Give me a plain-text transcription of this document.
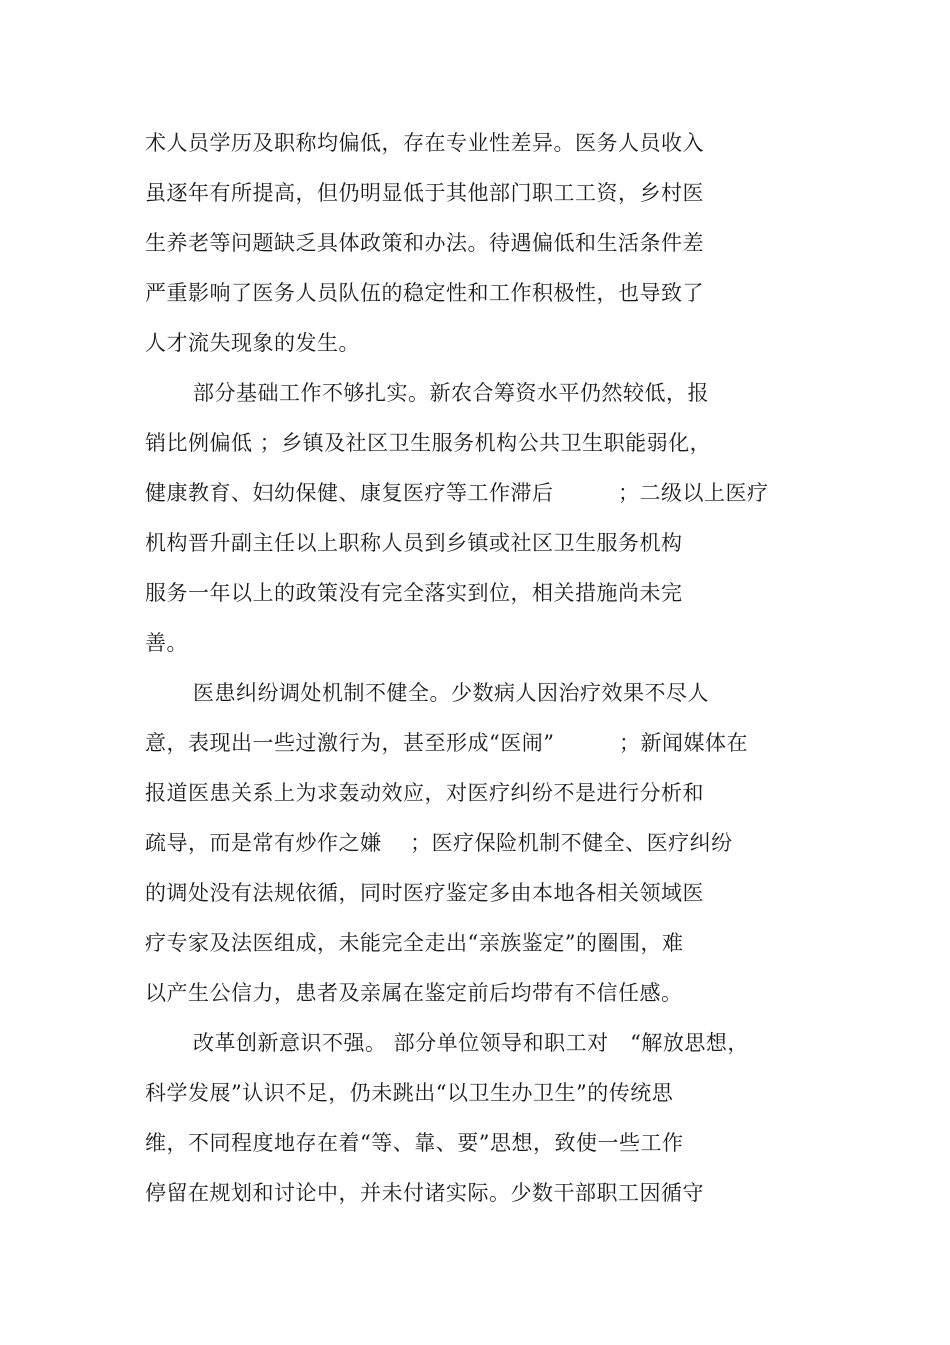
术人员学历及职称均偏低，存在专业性差异。医务人员收入
虽逐年有所提高，但仍明显低于其他部门职工工资，乡村医
生养老等问题缺乏具体政策和办法。待遇偏低和生活条件差
严重影响了医务人员队伍的稳定性和工作积极性，也导致了
人才流失现象的发生。
部分基础工作不够扎实。新农合筹资水平仍然较低，报
销比例偏低 ；乡镇及社区卫生服务机构公共卫生职能弱化，
健康教育、妇幼保健、康复医疗等工作滞后　　　；二级以上医疗
机构晋升副主任以上职称人员到乡镇或社区卫生服务机构
服务一年以上的政策没有完全落实到位，相关措施尚未完
善。
医患纠纷调处机制不健全。少数病人因治疗效果不尽人
意，表现出一些过激行为，甚至形成“医闹”　　　；新闻媒体在
报道医患关系上为求轰动效应，对医疗纠纷不是进行分析和
疏导，而是常有炒作之嫌　 ；医疗保险机制不健全、医疗纠纷
的调处没有法规依循，同时医疗鉴定多由本地各相关领域医
疗专家及法医组成，未能完全走出“亲族鉴定”的圈围，难
以产生公信力，患者及亲属在鉴定前后均带有不信任感。
改革创新意识不强。 部分单位领导和职工对　“解放思想，
科学发展”认识不足，仍未跳出“以卫生办卫生”的传统思
维，不同程度地存在着“等、靠、要”思想，致使一些工作
停留在规划和讨论中，并未付诸实际。少数干部职工因循守
